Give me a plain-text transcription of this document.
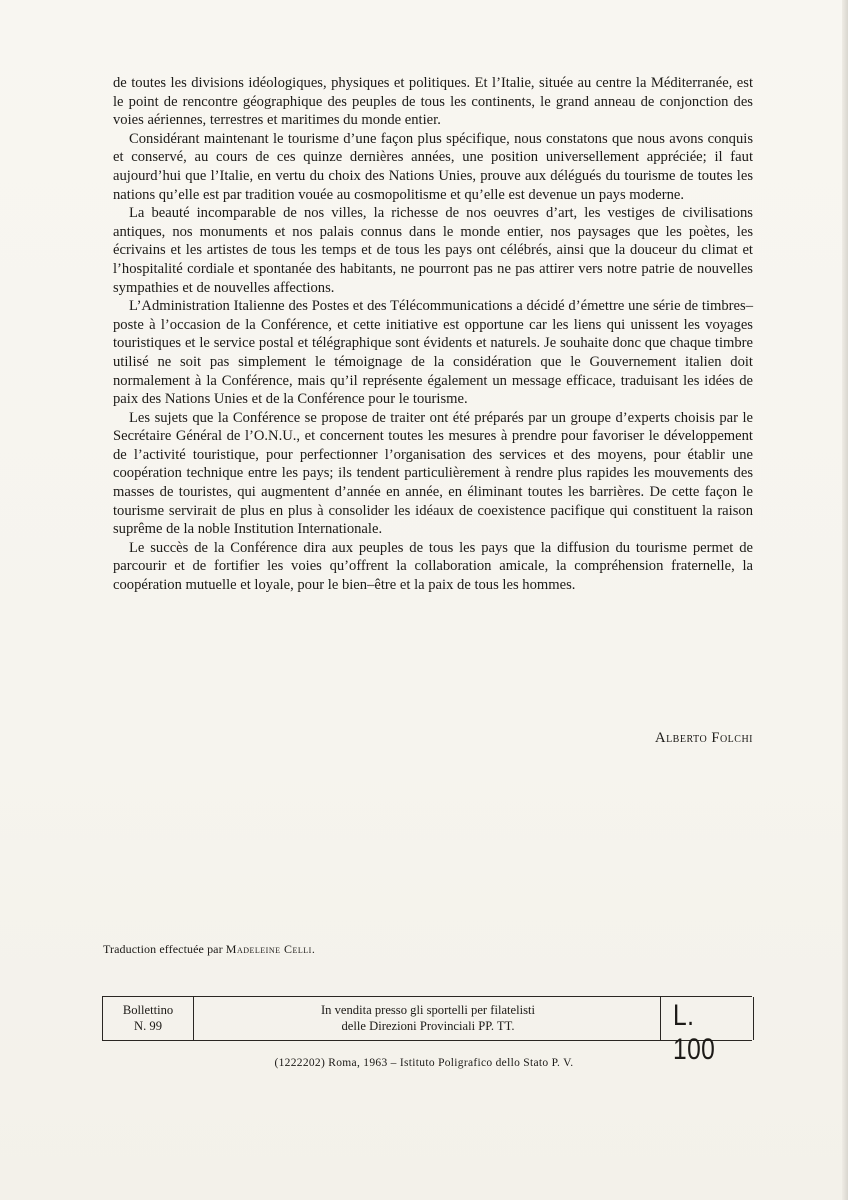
de toutes les divisions idéologiques, physiques et politiques. Et l’Italie, située au centre la Méditerranée, est le point de rencontre géographique des peuples de tous les continents, le grand anneau de conjonction des voies aériennes, terrestres et maritimes du monde entier.

Considérant maintenant le tourisme d’une façon plus spécifique, nous constatons que nous avons conquis et conservé, au cours de ces quinze dernières années, une position universellement appréciée; il faut aujourd’hui que l’Italie, en vertu du choix des Nations Unies, prouve aux délégués du tourisme de toutes les nations qu’elle est par tradition vouée au cosmopolitisme et qu’elle est devenue un pays moderne.

La beauté incomparable de nos villes, la richesse de nos oeuvres d’art, les vestiges de civilisations antiques, nos monuments et nos palais connus dans le monde entier, nos paysages que les poètes, les écrivains et les artistes de tous les temps et de tous les pays ont célébrés, ainsi que la douceur du climat et l’hospitalité cordiale et spontanée des habitants, ne pourront pas ne pas attirer vers notre patrie de nouvelles sympathies et de nouvelles affections.

L’Administration Italienne des Postes et des Télécommunications a décidé d’émettre une série de timbres–poste à l’occasion de la Conférence, et cette initiative est opportune car les liens qui unissent les voyages touristiques et le service postal et télégraphique sont évidents et naturels. Je souhaite donc que chaque timbre utilisé ne soit pas simplement le témoignage de la considération que le Gouvernement italien doit normalement à la Conférence, mais qu’il représente également un message efficace, traduisant les idées de paix des Nations Unies et de la Conférence pour le tourisme.

Les sujets que la Conférence se propose de traiter ont été préparés par un groupe d’experts choisis par le Secrétaire Général de l’O.N.U., et concernent toutes les mesures à prendre pour favoriser le développement de l’activité touristique, pour perfectionner l’organisation des services et des moyens, pour établir une coopération technique entre les pays; ils tendent particulièrement à rendre plus rapides les mouvements des masses de touristes, qui augmentent d’année en année, en éliminant toutes les barrières. De cette façon le tourisme servirait de plus en plus à consolider les idéaux de coexistence pacifique qui constituent la raison suprême de la noble Institution Internationale.

Le succès de la Conférence dira aux peuples de tous les pays que la diffusion du tourisme permet de parcourir et de fortifier les voies qu’offrent la collaboration amicale, la compréhension fraternelle, la coopération mutuelle et loyale, pour le bien–être et la paix de tous les hommes.

Alberto Folchi
Traduction effectuée par Madeleine Celli.
Bollettino
N. 99
In vendita presso gli sportelli per filatelisti
delle Direzioni Provinciali PP. TT.	L. 100
(1222202) Roma, 1963 – Istituto Poligrafico dello Stato P. V.
